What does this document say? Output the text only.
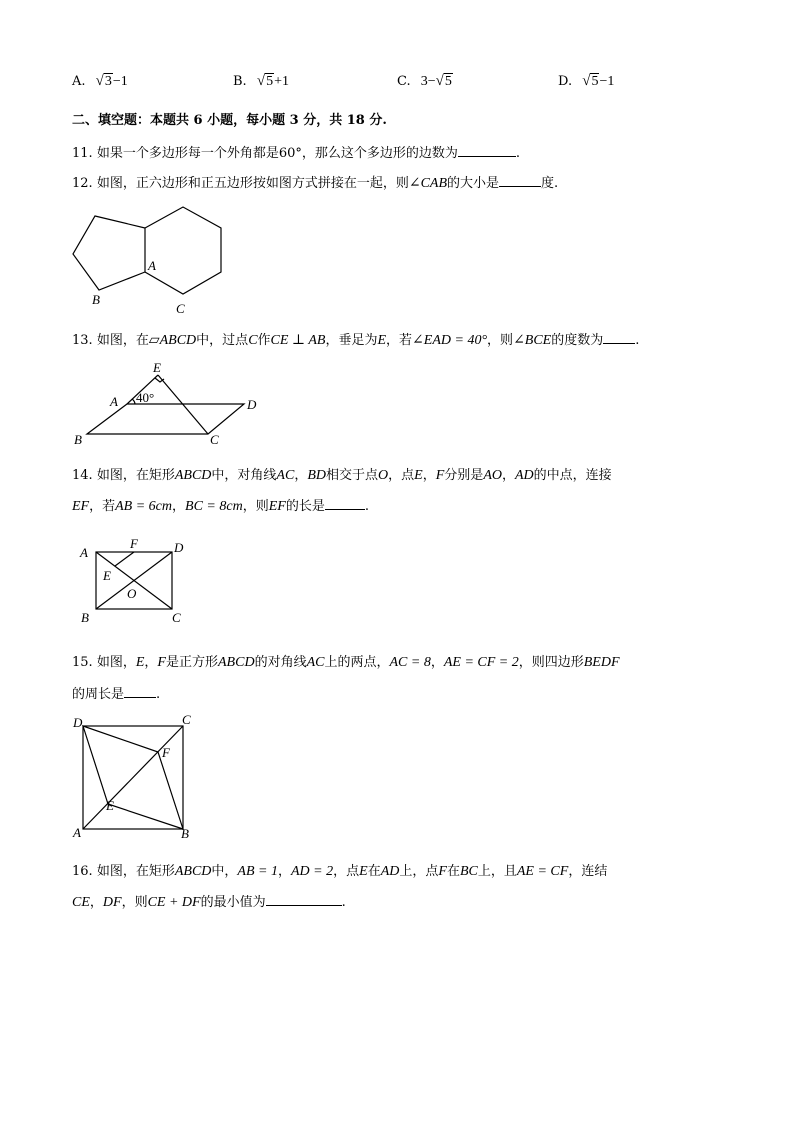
A. √3−1	B. √5+1	C. 3−√5	D. √5−1
二、填空题：本题共 6 小题，每小题 3 分，共 18 分.
11. 如果一个多边形每一个外角都是60°，那么这个多边形的边数为	.
12. 如图，正六边形和正五边形按如图方式拼接在一起，则∠CAB的大小是	度.
A
B
C
13. 如图，在▱ABCD中，过点C作CE ⊥ AB，垂足为E，若∠EAD = 40°，则∠BCE的度数为 .
E
A 40°	D
B	C
14. 如图，在矩形ABCD中，对角线AC，BD相交于点O，点E，F分别是AO，AD的中点，连接
EF，若AB = 6cm，BC = 8cm，则EF的长是	.
A
F	D
E
O
B	C
15. 如图，E，F是正方形ABCD的对角线AC上的两点，AC = 8，AE = CF = 2，则四边形BEDF
的周长是 .
D	C
F
E
A	B
16. 如图，在矩形ABCD中，AB = 1，AD = 2，点E在AD上，点F在BC上，且AE = CF，连结
CE，DF，则CE + DF的最小值为	.
